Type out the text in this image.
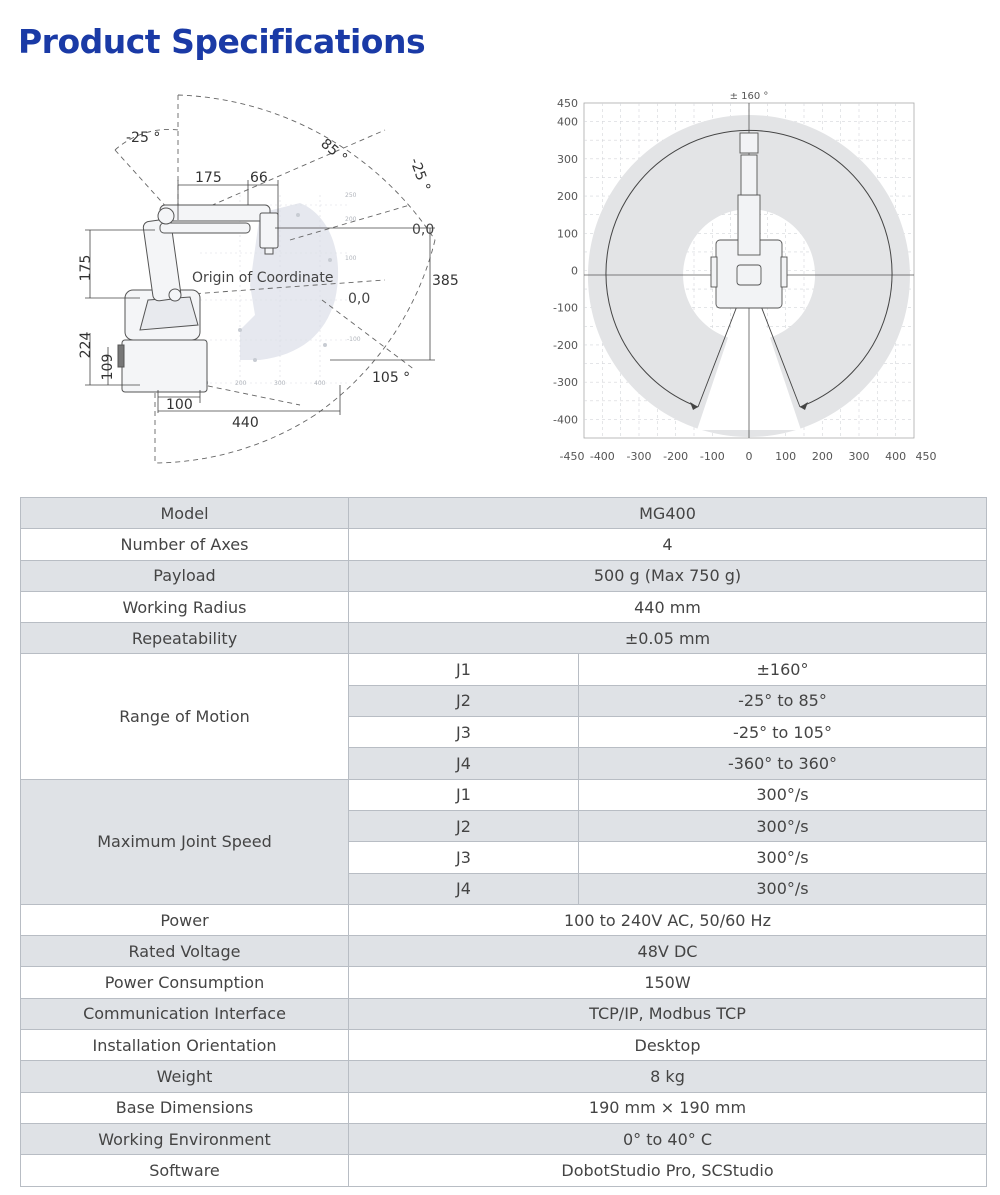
Product Specifications
250
200
100
-100
200	300	400
175 66
175
224
109
100
440
385
-25 °	85 °
-25 °
105 °
Origin of Coordinate
0,0
0,0
± 160 °
450
400
300
200
100
0
-100
-200
-300
-400
-450 -400 -300 -200 -100 0 100 200 300 400 450
Model	MG400	
Number of Axes	4	
Payload	500 g (Max 750 g)	
Working Radius	440 mm	
Repeatability	±0.05 mm	
Range of Motion	J1	±160°
	J2	-25° to 85°
	J3	-25° to 105°
	J4	-360° to 360°
Maximum Joint Speed	J1	300°/s
	J2	300°/s
	J3	300°/s
	J4	300°/s
Power	100 to 240V AC, 50/60 Hz	
Rated Voltage	48V DC	
Power Consumption	150W	
Communication Interface	TCP/IP, Modbus TCP	
Installation Orientation	Desktop	
Weight	8 kg	
Base Dimensions	190 mm × 190 mm	
Working Environment	0° to 40° C	
Software	DobotStudio Pro, SCStudio	
